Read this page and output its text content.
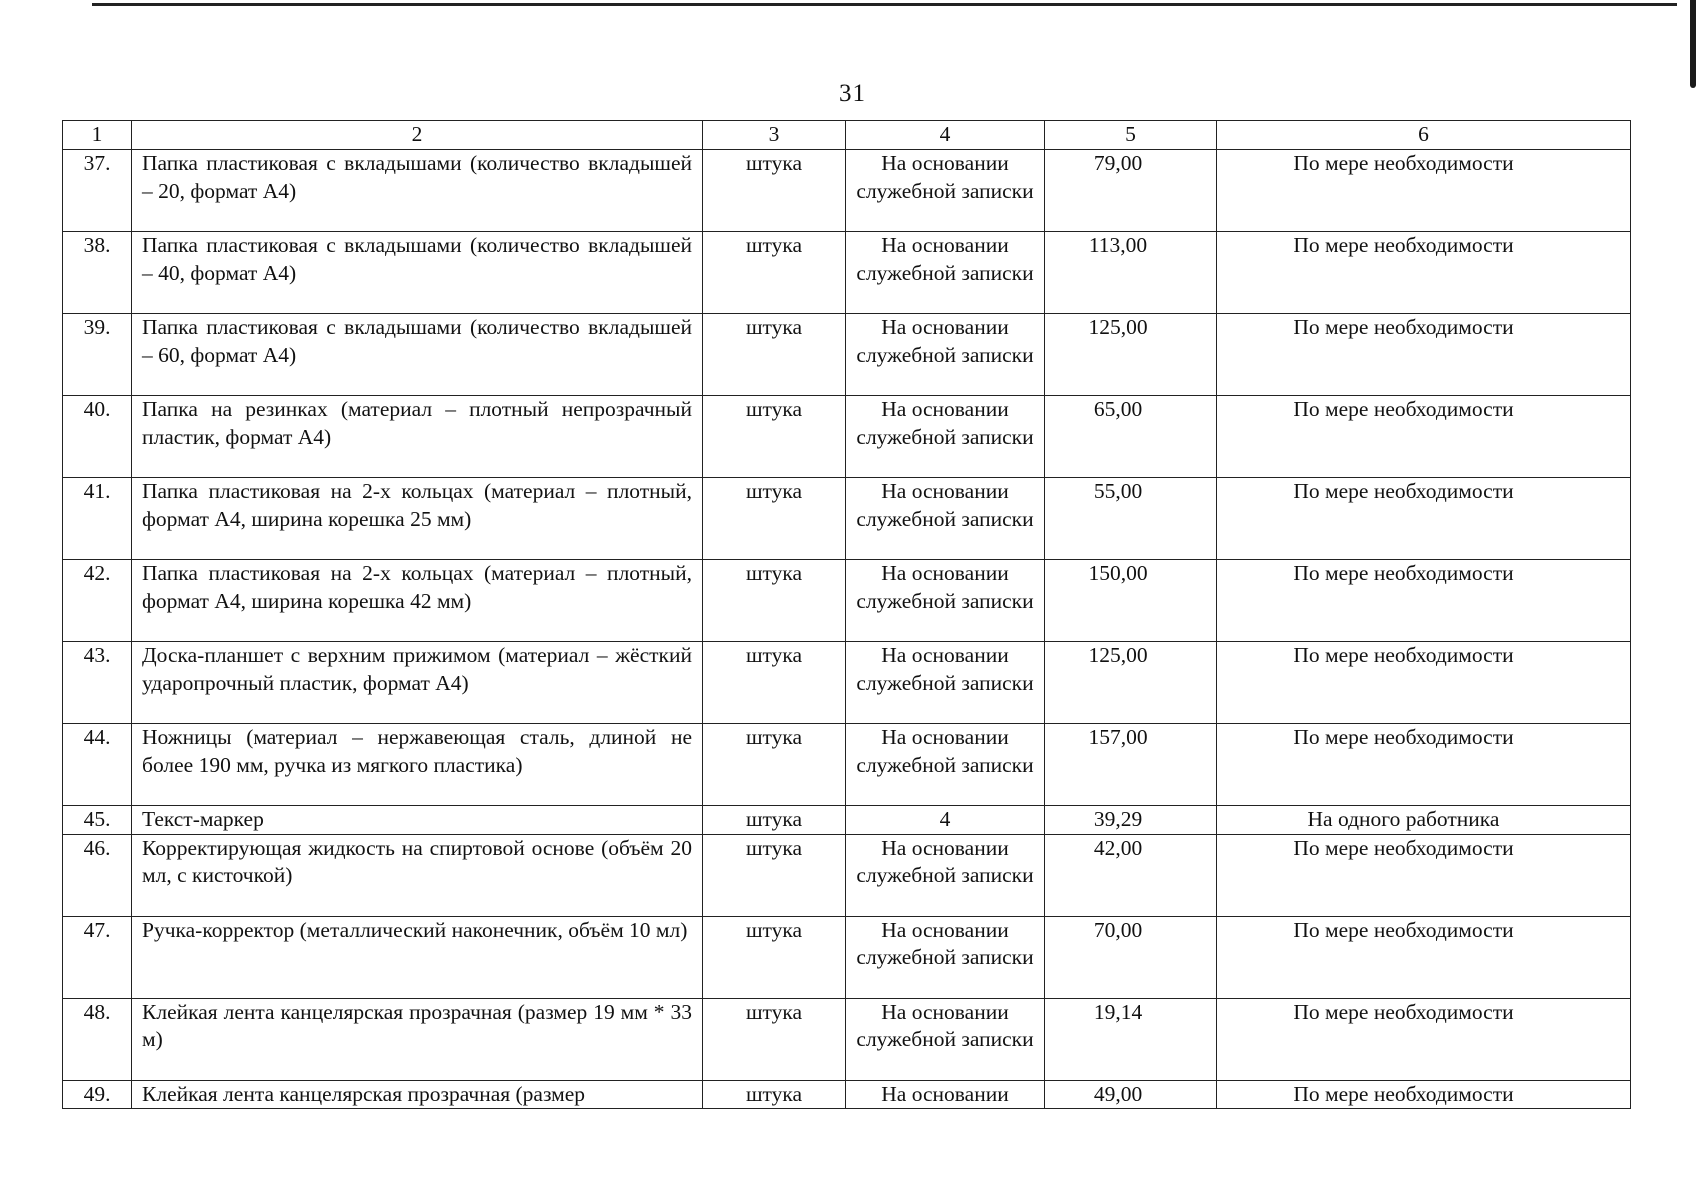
31
1	2	3	4	5	6
37.	Папка пластиковая с вкладышами (количество вкладышей – 20, формат А4)	штука	На основании служебной записки	79,00	По мере необходимости
38.	Папка пластиковая с вкладышами (количество вкладышей – 40, формат А4)	штука	На основании служебной записки	113,00	По мере необходимости
39.	Папка пластиковая с вкладышами (количество вкладышей – 60, формат А4)	штука	На основании служебной записки	125,00	По мере необходимости
40.	Папка на резинках (материал – плотный непрозрачный пластик, формат А4)	штука	На основании служебной записки	65,00	По мере необходимости
41.	Папка пластиковая на 2-х кольцах (материал – плотный, формат А4, ширина корешка 25 мм)	штука	На основании служебной записки	55,00	По мере необходимости
42.	Папка пластиковая на 2-х кольцах (материал – плотный, формат А4, ширина корешка 42 мм)	штука	На основании служебной записки	150,00	По мере необходимости
43.	Доска-планшет с верхним прижимом (материал – жёсткий ударопрочный пластик, формат А4)	штука	На основании служебной записки	125,00	По мере необходимости
44.	Ножницы (материал – нержавеющая сталь, длиной не более 190 мм, ручка из мягкого пластика)	штука	На основании служебной записки	157,00	По мере необходимости
45.	Текст-маркер	штука	4	39,29	На одного работника
46.	Корректирующая жидкость на спиртовой основе (объём 20 мл, с кисточкой)	штука	На основании служебной записки	42,00	По мере необходимости
47.	Ручка-корректор (металлический наконечник, объём 10 мл)	штука	На основании служебной записки	70,00	По мере необходимости
48.	Клейкая лента канцелярская прозрачная (размер 19 мм * 33 м)	штука	На основании служебной записки	19,14	По мере необходимости
49.	Клейкая лента канцелярская прозрачная (размер	штука	На основании	49,00	По мере необходимости
